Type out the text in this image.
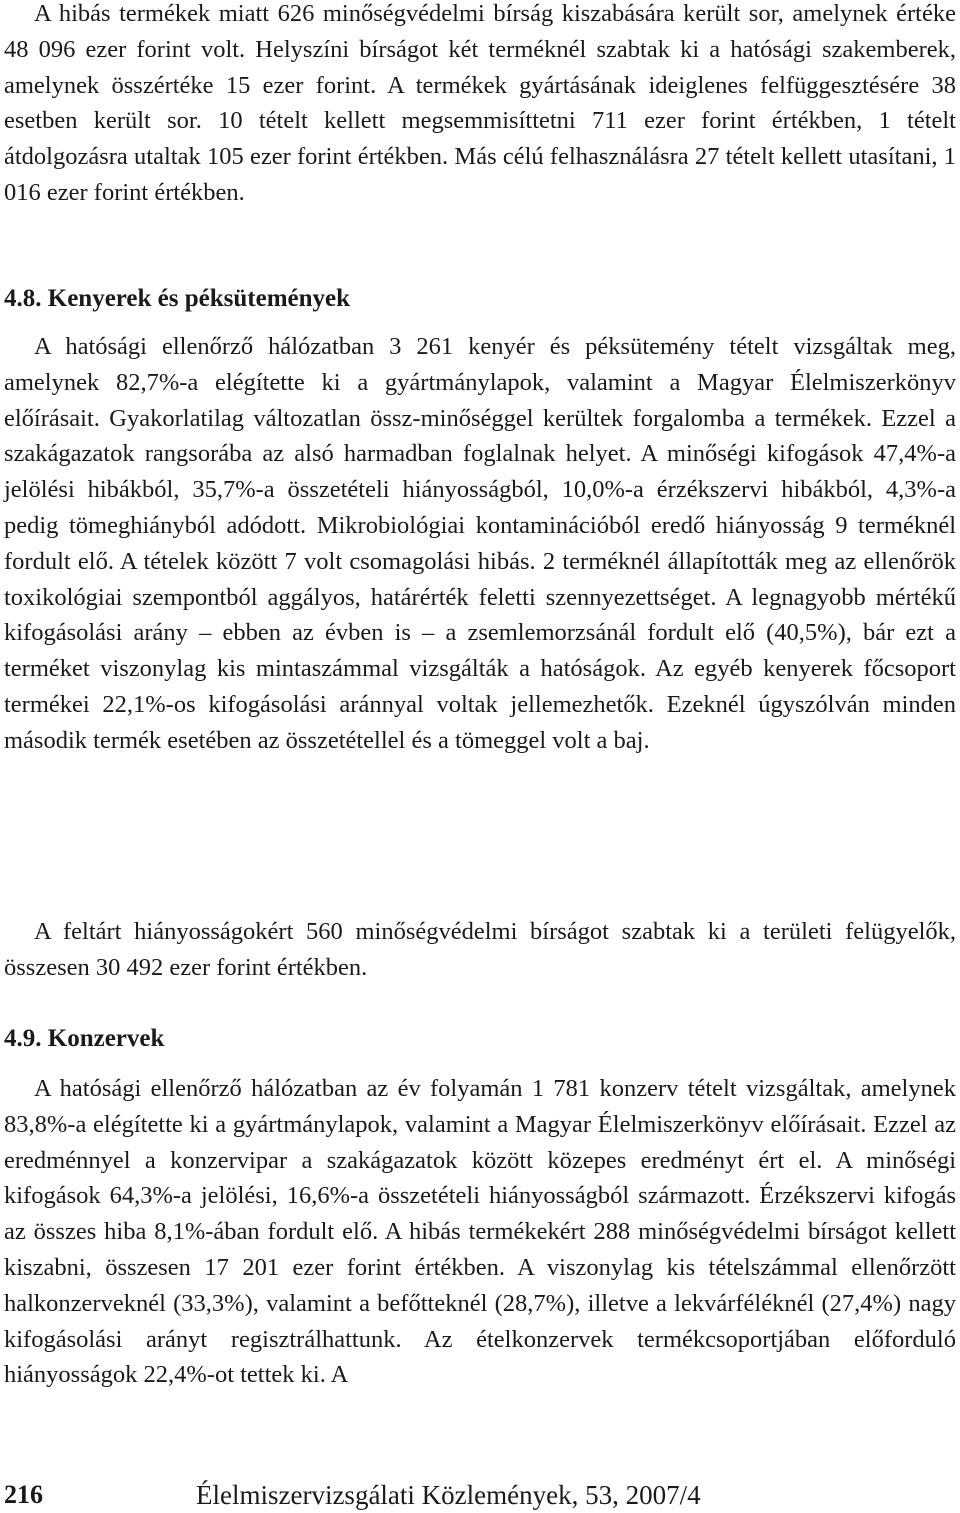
A hibás termékek miatt 626 minőségvédelmi bírság kiszabására került sor, amelynek értéke 48 096 ezer forint volt. Helyszíni bírságot két terméknél szabtak ki a hatósági szakemberek, amelynek összértéke 15 ezer forint. A termékek gyártásának ideiglenes felfüggesztésére 38 esetben került sor. 10 tételt kellett megsemmisíttetni 711 ezer forint értékben, 1 tételt átdolgozásra utaltak 105 ezer forint értékben. Más célú felhasználásra 27 tételt kellett utasítani, 1 016 ezer forint értékben.

4.8. Kenyerek és péksütemények

A hatósági ellenőrző hálózatban 3 261 kenyér és péksütemény tételt vizsgáltak meg, amelynek 82,7%-a elégítette ki a gyártmánylapok, valamint a Magyar Élelmiszerkönyv előírásait. Gyakorlatilag változatlan össz-minőséggel kerültek forgalomba a termékek. Ezzel a szakágazatok rangsorába az alsó harmadban foglalnak helyet. A minőségi kifogások 47,4%-a jelölési hibákból, 35,7%-a összetételi hiányosságból, 10,0%-a érzékszervi hibákból, 4,3%-a pedig tömeghiányból adódott. Mikrobiológiai kontaminációból eredő hiányosság 9 terméknél fordult elő. A tételek között 7 volt csomagolási hibás. 2 terméknél állapították meg az ellenőrök toxikológiai szempontból aggályos, határérték feletti szennyezettséget. A legnagyobb mértékű kifogásolási arány – ebben az évben is – a zsemlemorzsánál fordult elő (40,5%), bár ezt a terméket viszonylag kis mintaszámmal vizsgálták a hatóságok. Az egyéb kenyerek főcsoport termékei 22,1%-os kifogásolási aránnyal voltak jellemezhetők. Ezeknél úgyszólván minden második termék esetében az összetétellel és a tömeggel volt a baj.

A feltárt hiányosságokért 560 minőségvédelmi bírságot szabtak ki a területi felügyelők, összesen 30 492 ezer forint értékben.

4.9. Konzervek

A hatósági ellenőrző hálózatban az év folyamán 1 781 konzerv tételt vizsgáltak, amelynek 83,8%-a elégítette ki a gyártmánylapok, valamint a Magyar Élelmiszerkönyv előírásait. Ezzel az eredménnyel a konzervipar a szakágazatok között közepes eredményt ért el. A minőségi kifogások 64,3%-a jelölési, 16,6%-a összetételi hiányosságból származott. Érzékszervi kifogás az összes hiba 8,1%-ában fordult elő. A hibás termékekért 288 minőségvédelmi bírságot kellett kiszabni, összesen 17 201 ezer forint értékben. A viszonylag kis tételszámmal ellenőrzött halkonzerveknél (33,3%), valamint a befőtteknél (28,7%), illetve a lekvárféléknél (27,4%) nagy kifogásolási arányt regisztrálhattunk. Az ételkonzervek termékcsoportjában előforduló hiányosságok 22,4%-ot tettek ki. A

216	Élelmiszervizsgálati Közlemények, 53, 2007/4
